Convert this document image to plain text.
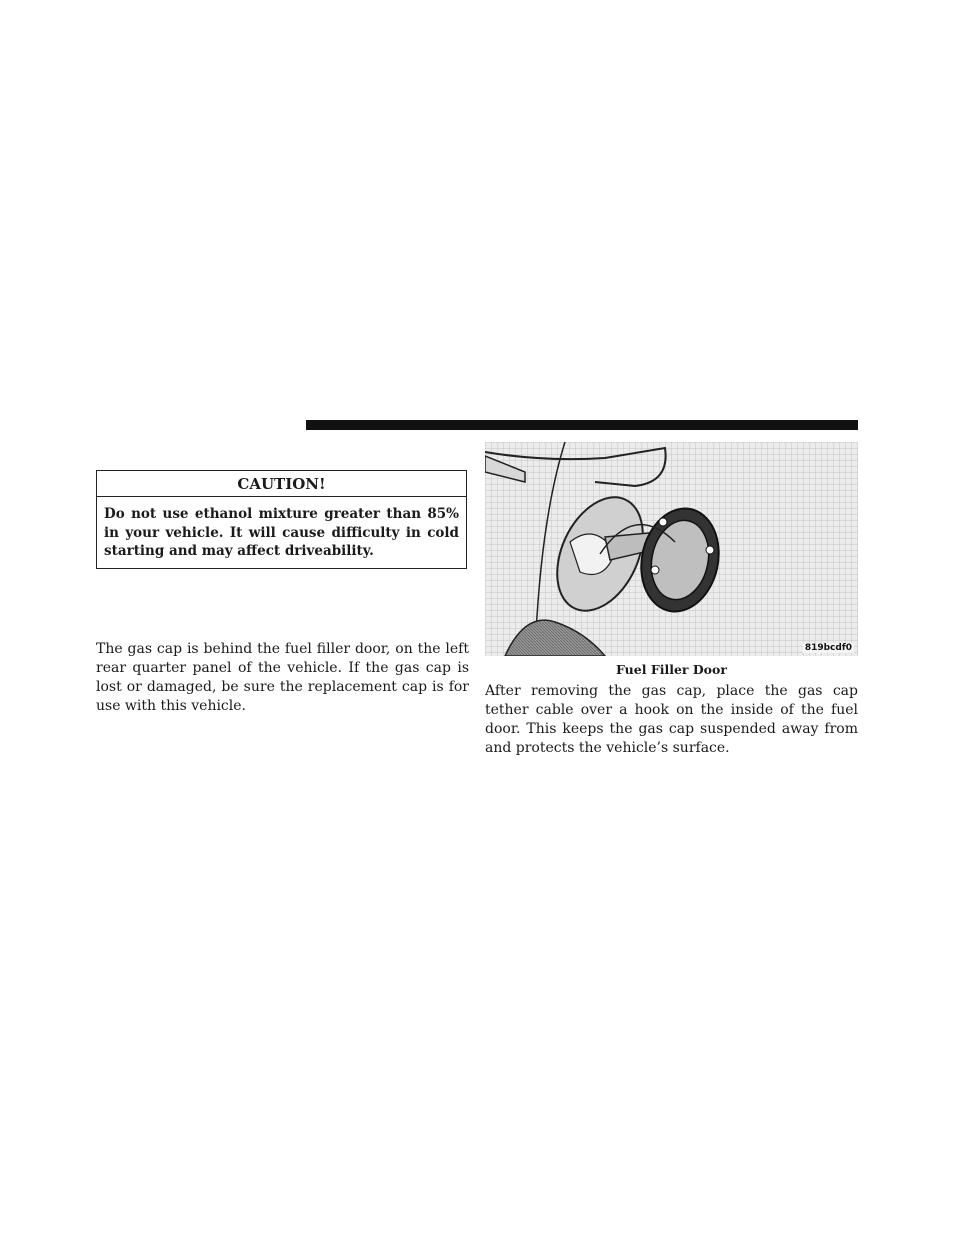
CAUTION!
Do not use ethanol mixture greater than 85% in your vehicle. It will cause difficulty in cold starting and may affect driveability.
The gas cap is behind the fuel filler door, on the left rear quarter panel of the vehicle. If the gas cap is lost or damaged, be sure the replacement cap is for use with this vehicle.
819bcdf0
Fuel Filler Door
After removing the gas cap, place the gas cap tether cable over a hook on the inside of the fuel door. This keeps the gas cap suspended away from and protects the vehicle’s surface.
